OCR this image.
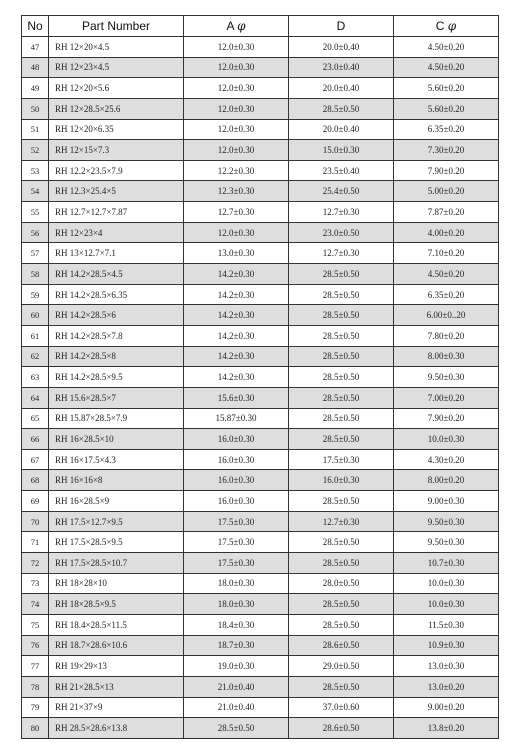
No	Part Number	A φ	D	C φ
47	RH 12×20×4.5	12.0±0.30	20.0±0.40	4.50±0.20
48	RH 12×23×4.5	12.0±0.30	23.0±0.40	4.50±0.20
49	RH 12×20×5.6	12.0±0.30	20.0±0.40	5.60±0.20
50	RH 12×28.5×25.6	12.0±0.30	28.5±0.50	5.60±0.20
51	RH 12×20×6.35	12.0±0.30	20.0±0.40	6.35±0.20
52	RH 12×15×7.3	12.0±0.30	15.0±0.30	7.30±0.20
53	RH 12.2×23.5×7.9	12.2±0.30	23.5±0.40	7.90±0.20
54	RH 12.3×25.4×5	12.3±0.30	25.4±0.50	5.00±0.20
55	RH 12.7×12.7×7.87	12.7±0.30	12.7±0.30	7.87±0.20
56	RH 12×23×4	12.0±0.30	23.0±0.50	4.00±0.20
57	RH 13×12.7×7.1	13.0±0.30	12.7±0.30	7.10±0.20
58	RH 14.2×28.5×4.5	14.2±0.30	28.5±0.50	4.50±0.20
59	RH 14.2×28.5×6.35	14.2±0.30	28.5±0.50	6.35±0.20
60	RH 14.2×28.5×6	14.2±0.30	28.5±0.50	6.00±0..20
61	RH 14.2×28.5×7.8	14.2±0.30	28.5±0.50	7.80±0.20
62	RH 14.2×28.5×8	14.2±0.30	28.5±0.50	8.00±0.30
63	RH 14.2×28.5×9.5	14.2±0.30	28.5±0.50	9.50±0.30
64	RH 15.6×28.5×7	15.6±0.30	28.5±0.50	7.00±0.20
65	RH 15.87×28.5×7.9	15.87±0.30	28.5±0.50	7.90±0.20
66	RH 16×28.5×10	16.0±0.30	28.5±0.50	10.0±0.30
67	RH 16×17.5×4.3	16.0±0.30	17.5±0.30	4.30±0.20
68	RH 16×16×8	16.0±0.30	16.0±0.30	8.00±0.20
69	RH 16×28.5×9	16.0±0.30	28.5±0.50	9.00±0.30
70	RH 17.5×12.7×9.5	17.5±0.30	12.7±0.30	9.50±0.30
71	RH 17.5×28.5×9.5	17.5±0.30	28.5±0.50	9.50±0.30
72	RH 17.5×28.5×10.7	17.5±0.30	28.5±0.50	10.7±0.30
73	RH 18×28×10	18.0±0.30	28.0±0.50	10.0±0.30
74	RH 18×28.5×9.5	18.0±0.30	28.5±0.50	10.0±0.30
75	RH 18.4×28.5×11.5	18.4±0.30	28.5±0.50	11.5±0.30
76	RH 18.7×28.6×10.6	18.7±0.30	28.6±0.50	10.9±0.30
77	RH 19×29×13	19.0±0.30	29.0±0.50	13.0±0.30
78	RH 21×28.5×13	21.0±0.40	28.5±0.50	13.0±0.20
79	RH 21×37×9	21.0±0.40	37.0±0.60	9.00±0.20
80	RH 28.5×28.6×13.8	28.5±0.50	28.6±0.50	13.8±0.20
